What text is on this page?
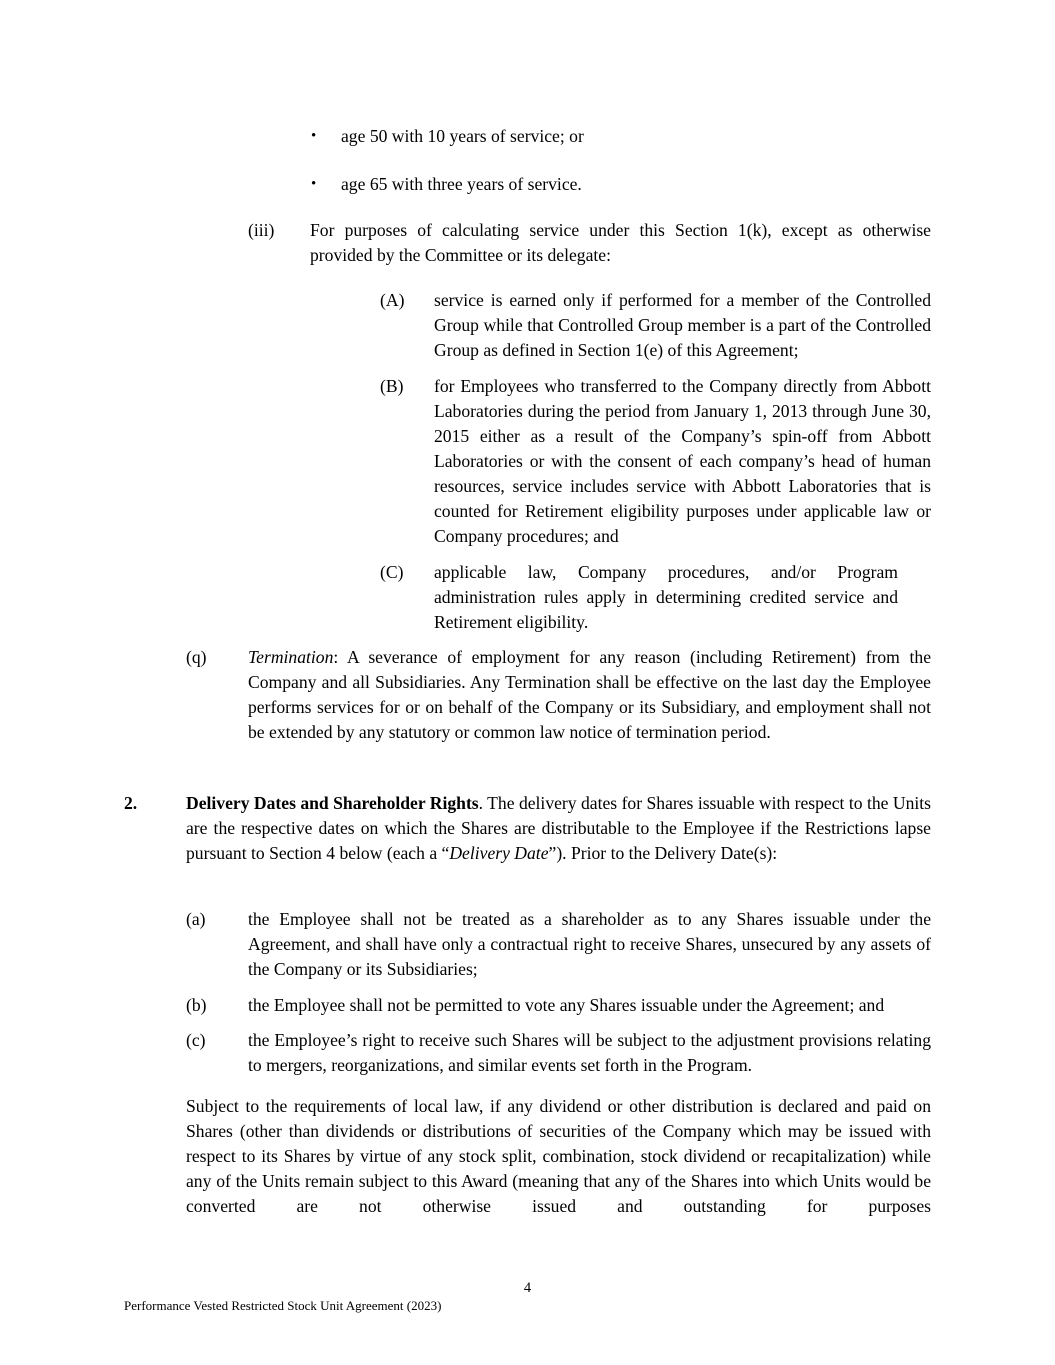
• age 50 with 10 years of service; or
• age 65 with three years of service.
(iii) For purposes of calculating service under this Section 1(k), except as otherwise provided by the Committee or its delegate:
(A) service is earned only if performed for a member of the Controlled Group while that Controlled Group member is a part of the Controlled Group as defined in Section 1(e) of this Agreement;
(B) for Employees who transferred to the Company directly from Abbott Laboratories during the period from January 1, 2013 through June 30, 2015 either as a result of the Company’s spin-off from Abbott Laboratories or with the consent of each company’s head of human resources, service includes service with Abbott Laboratories that is counted for Retirement eligibility purposes under applicable law or Company procedures; and
(C) applicable law, Company procedures, and/or Program administration rules apply in determining credited service and Retirement eligibility.
(q) Termination: A severance of employment for any reason (including Retirement) from the Company and all Subsidiaries. Any Termination shall be effective on the last day the Employee performs services for or on behalf of the Company or its Subsidiary, and employment shall not be extended by any statutory or common law notice of termination period.
2.	Delivery Dates and Shareholder Rights. The delivery dates for Shares issuable with respect to the Units are the respective dates on which the Shares are distributable to the Employee if the Restrictions lapse pursuant to Section 4 below (each a “Delivery Date”). Prior to the Delivery Date(s):
(a) the Employee shall not be treated as a shareholder as to any Shares issuable under the Agreement, and shall have only a contractual right to receive Shares, unsecured by any assets of the Company or its Subsidiaries;
(b) the Employee shall not be permitted to vote any Shares issuable under the Agreement; and
(c) the Employee’s right to receive such Shares will be subject to the adjustment provisions relating to mergers, reorganizations, and similar events set forth in the Program.
Subject to the requirements of local law, if any dividend or other distribution is declared and paid on Shares (other than dividends or distributions of securities of the Company which may be issued with respect to its Shares by virtue of any stock split, combination, stock dividend or recapitalization) while any of the Units remain subject to this Award (meaning that any of the Shares into which Units would be converted are not otherwise issued and outstanding for purposes
4
Performance Vested Restricted Stock Unit Agreement (2023)
